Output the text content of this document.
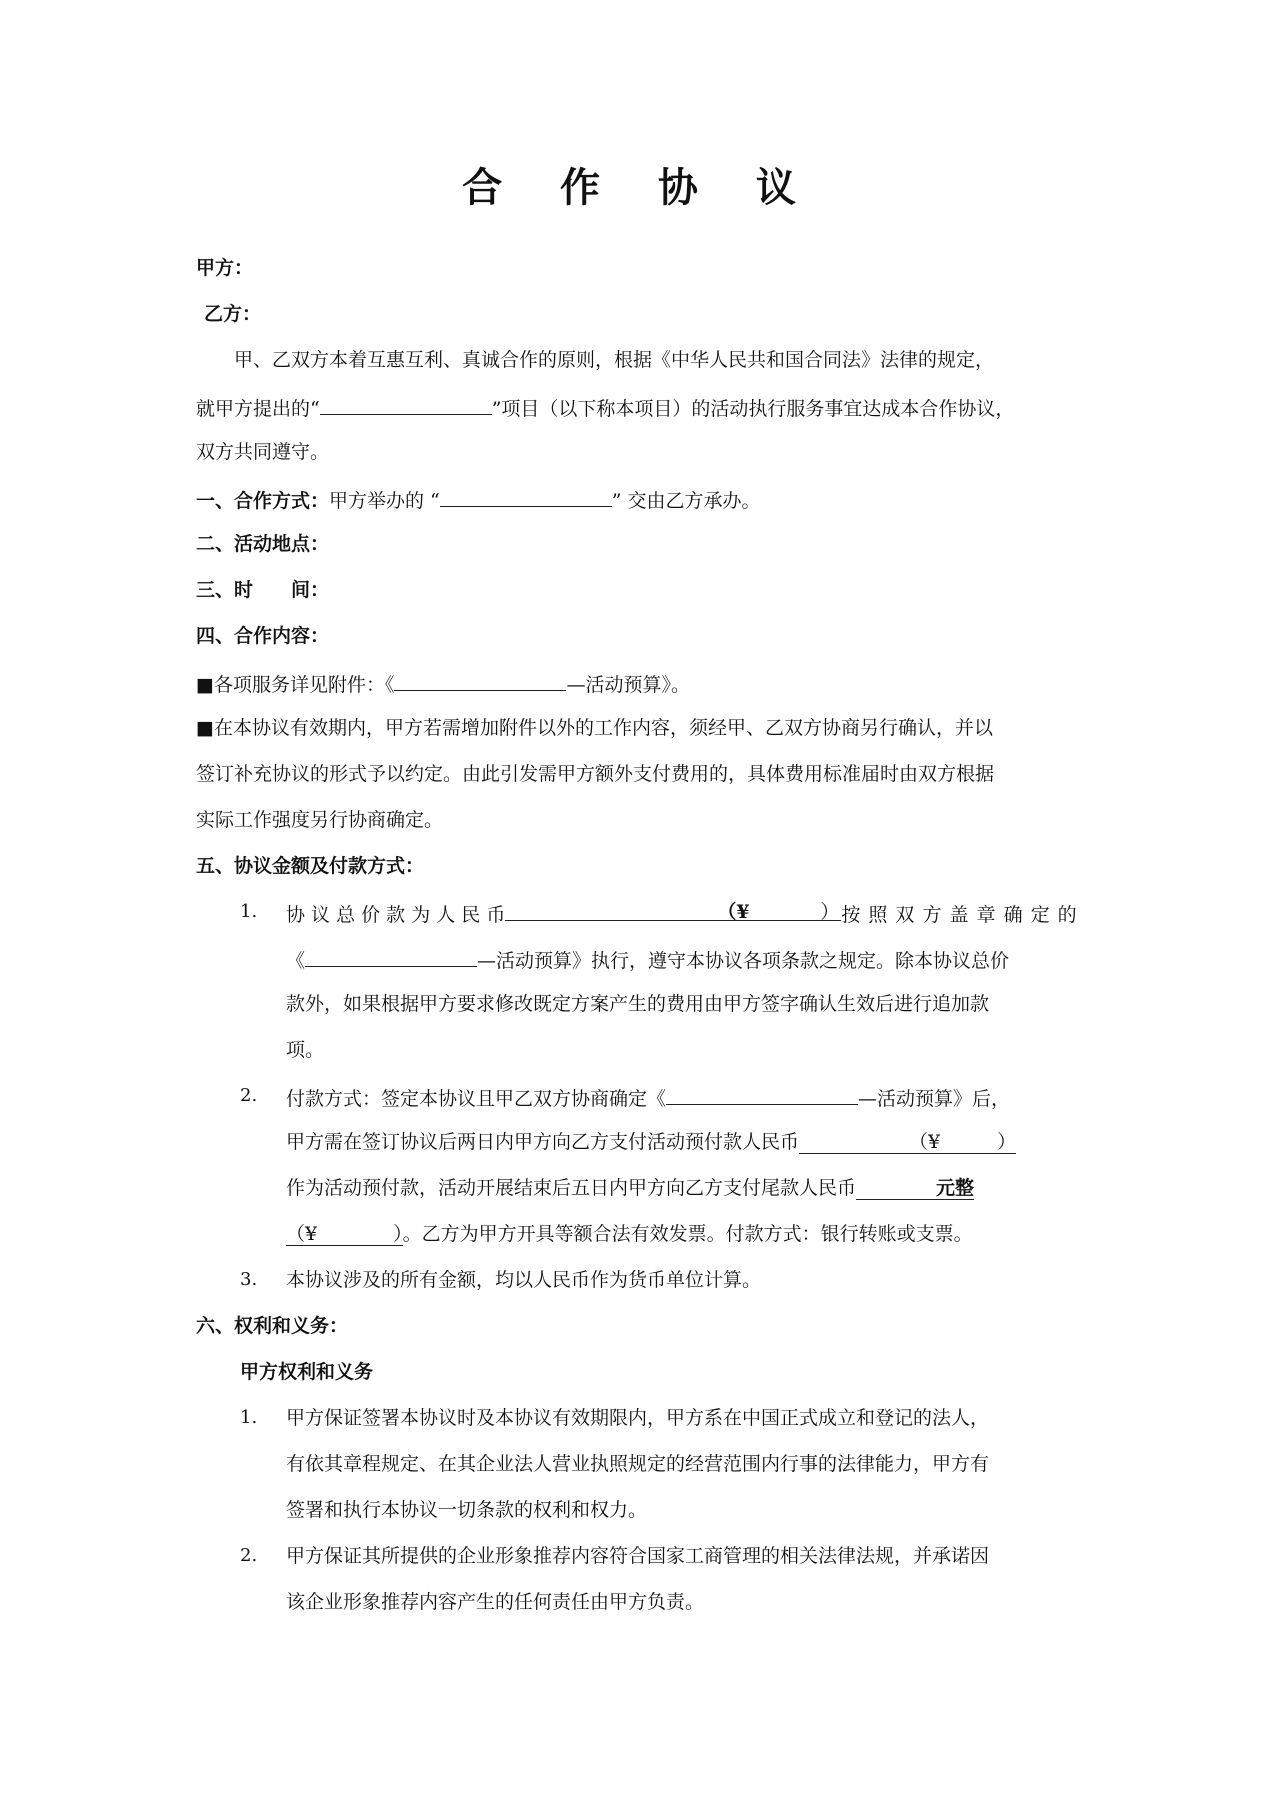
合 作 协 议
甲方：
乙方：
甲、乙双方本着互惠互利、真诚合作的原则，根据《中华人民共和国合同法》法律的规定，
就甲方提出的“	”项目（以下称本项目）的活动执行服务事宜达成本合作协议，
双方共同遵守。
一、合作方式：甲方举办的 “	” 交由乙方承办。
二、活动地点：
三、时　　间：
四、合作内容：
■各项服务详见附件：《	—活动预算》。
■在本协议有效期内，甲方若需增加附件以外的工作内容，须经甲、乙双方协商另行确认，并以
签订补充协议的形式予以约定。由此引发需甲方额外支付费用的，具体费用标准届时由双方根据
实际工作强度另行协商确定。
五、协议金额及付款方式：
1. 协 议 总 价 款 为 人 民 币	（¥	） 按 照 双 方 盖 章 确 定 的
《	—活动预算》执行，遵守本协议各项条款之规定。除本协议总价
款外，如果根据甲方要求修改既定方案产生的费用由甲方签字确认生效后进行追加款
项。
2. 付款方式：签定本协议且甲乙双方协商确定《	—活动预算》后，
甲方需在签订协议后两日内甲方向乙方支付活动预付款人民币	（¥　　　）
作为活动预付款，活动开展结束后五日内甲方向乙方支付尾款人民币	元整
（¥　　　　）。乙方为甲方开具等额合法有效发票。付款方式：银行转账或支票。
3. 本协议涉及的所有金额，均以人民币作为货币单位计算。
六、权利和义务：
甲方权利和义务
1. 甲方保证签署本协议时及本协议有效期限内，甲方系在中国正式成立和登记的法人，
有依其章程规定、在其企业法人营业执照规定的经营范围内行事的法律能力，甲方有
签署和执行本协议一切条款的权利和权力。
2. 甲方保证其所提供的企业形象推荐内容符合国家工商管理的相关法律法规，并承诺因
该企业形象推荐内容产生的任何责任由甲方负责。
